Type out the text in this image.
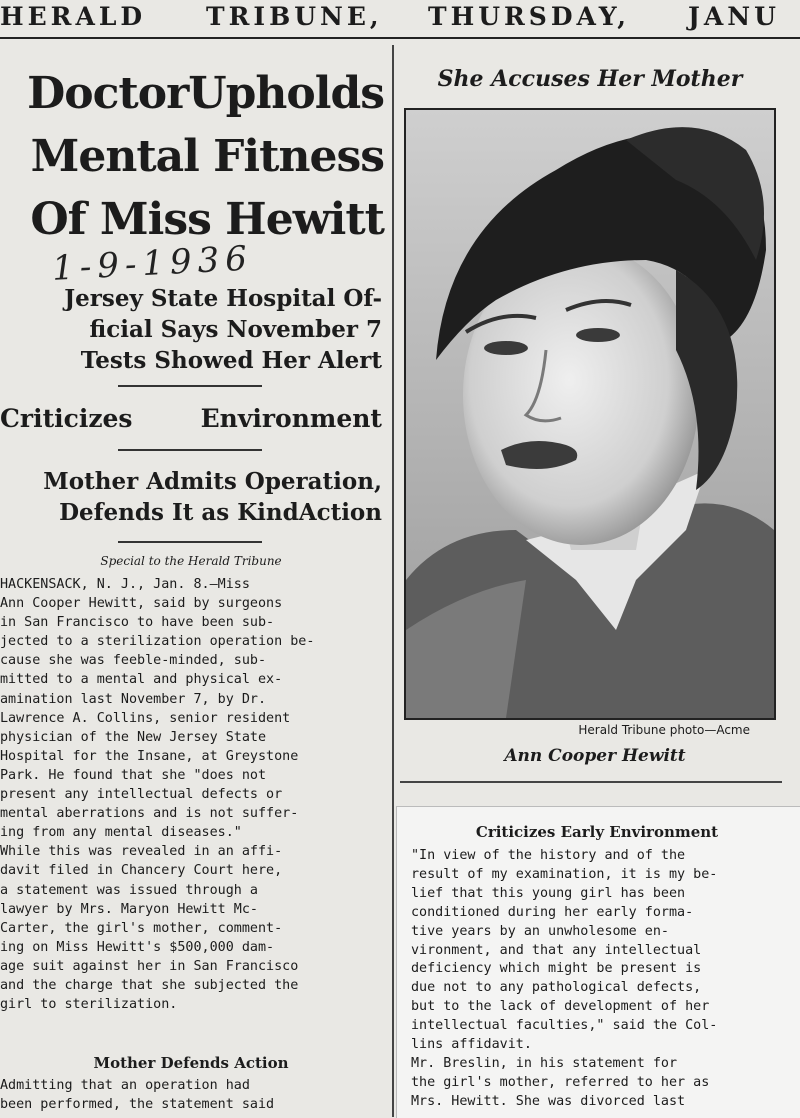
HERALD TRIBUNE, THURSDAY, JANU
DoctorUpholds
Mental Fitness
Of Miss Hewitt
1-9-1936
Jersey State Hospital Of-
ficial Says November 7
Tests Showed Her Alert
Criticizes	Environment
Mother Admits Operation,
Defends It as KindAction
Special to the Herald Tribune
HACKENSACK, N. J., Jan. 8.—Miss
Ann Cooper Hewitt, said by surgeons
in San Francisco to have been sub-
jected to a sterilization operation be-
cause she was feeble-minded, sub-
mitted to a mental and physical ex-
amination last November 7, by Dr.
Lawrence A. Collins, senior resident
physician of the New Jersey State
Hospital for the Insane, at Greystone
Park. He found that she "does not
present any intellectual defects or
mental aberrations and is not suffer-
ing from any mental diseases."
While this was revealed in an affi-
davit filed in Chancery Court here,
a statement was issued through a
lawyer by Mrs. Maryon Hewitt Mc-
Carter, the girl's mother, comment-
ing on Miss Hewitt's $500,000 dam-
age suit against her in San Francisco
and the charge that she subjected the
girl to sterilization.
Mother Defends Action
Admitting that an operation had
been performed, the statement said
She Accuses Her Mother
Herald Tribune photo—Acme
Ann Cooper Hewitt
Criticizes Early Environment
"In view of the history and of the
result of my examination, it is my be-
lief that this young girl has been
conditioned during her early forma-
tive years by an unwholesome en-
vironment, and that any intellectual
deficiency which might be present is
due not to any pathological defects,
but to the lack of development of her
intellectual faculties," said the Col-
lins affidavit.
Mr. Breslin, in his statement for
the girl's mother, referred to her as
Mrs. Hewitt. She was divorced last
